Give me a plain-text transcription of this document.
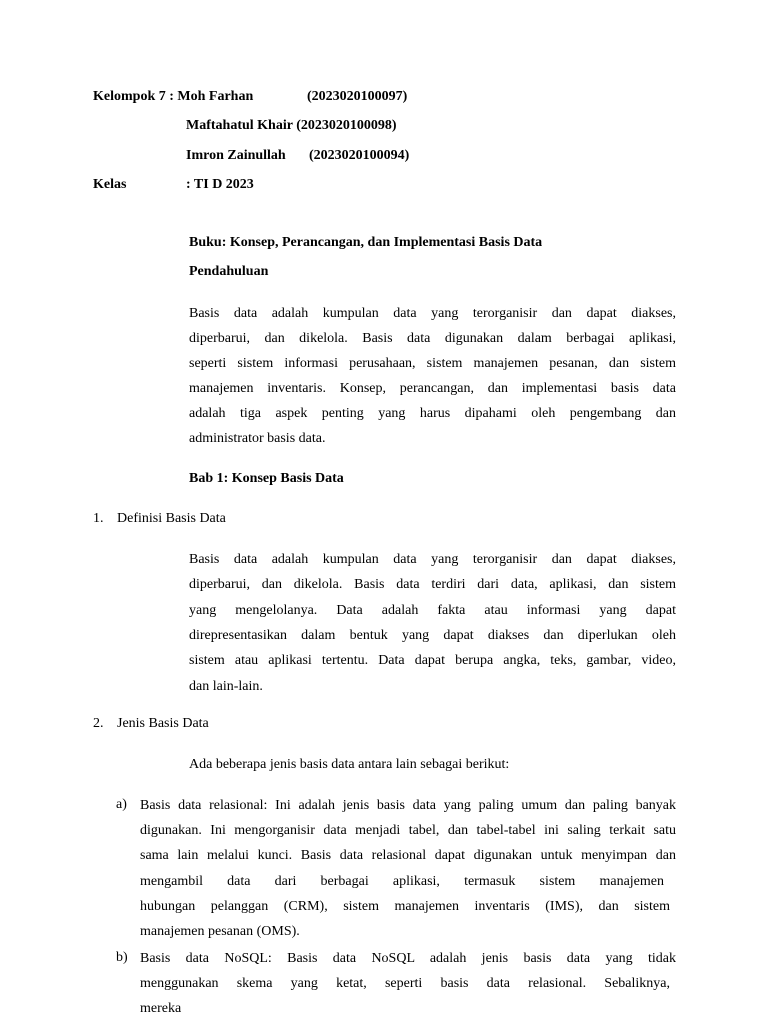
Kelompok 7 : Moh Farhan	(2023020100097)
Maftahatul Khair (2023020100098)
Imron Zainullah (2023020100094)
Kelas	: TI D 2023
Buku: Konsep, Perancangan, dan Implementasi Basis Data
Pendahuluan
Basis data adalah kumpulan data yang terorganisir dan dapat diakses,
diperbarui, dan dikelola. Basis data digunakan dalam berbagai aplikasi,
seperti sistem informasi perusahaan, sistem manajemen pesanan, dan sistem
manajemen inventaris. Konsep, perancangan, dan implementasi basis data
adalah tiga aspek penting yang harus dipahami oleh pengembang dan
administrator basis data.
Bab 1: Konsep Basis Data
1. Definisi Basis Data
Basis data adalah kumpulan data yang terorganisir dan dapat diakses,
diperbarui, dan dikelola. Basis data terdiri dari data, aplikasi, dan sistem
yang mengelolanya. Data adalah fakta atau informasi yang dapat
direpresentasikan dalam bentuk yang dapat diakses dan diperlukan oleh
sistem atau aplikasi tertentu. Data dapat berupa angka, teks, gambar, video,
dan lain-lain.
2. Jenis Basis Data
Ada beberapa jenis basis data antara lain sebagai berikut:
a) Basis data relasional: Ini adalah jenis basis data yang paling umum dan paling banyak
digunakan. Ini mengorganisir data menjadi tabel, dan tabel-tabel ini saling terkait satu
sama lain melalui kunci. Basis data relasional dapat digunakan untuk menyimpan dan
mengambil data dari berbagai aplikasi, termasuk sistem manajemen
hubungan pelanggan (CRM), sistem manajemen inventaris (IMS), dan sistem
manajemen pesanan (OMS).
b) Basis data NoSQL: Basis data NoSQL adalah jenis basis data yang tidak
menggunakan skema yang ketat, seperti basis data relasional. Sebaliknya,
mereka
